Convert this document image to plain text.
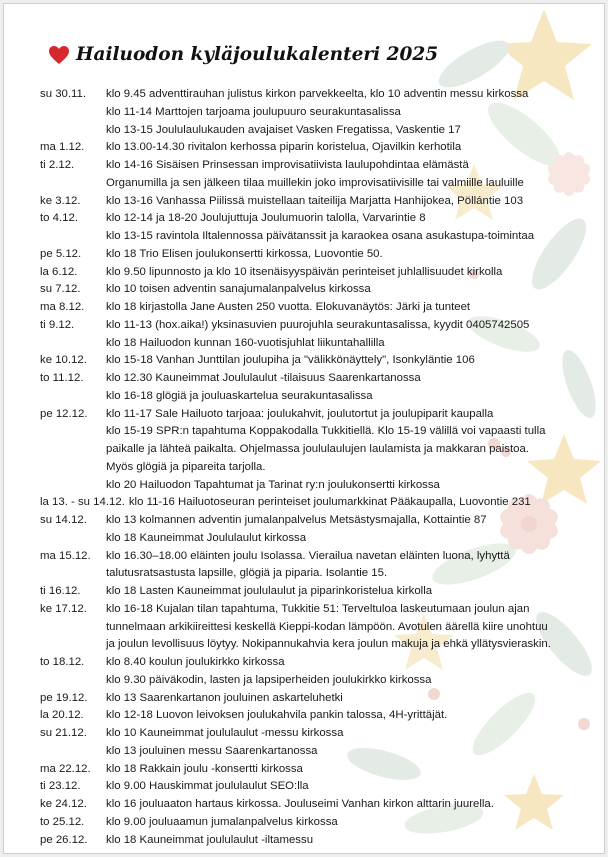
Hailuodon kyläjoulukalenteri 2025
su 30.11.	klo 9.45 adventtirauhan julistus kirkon parvekkeelta, klo 10 adventin messu kirkossa
klo 11-14 Marttojen tarjoama joulupuuro seurakuntasalissa
klo 13-15 Joululaulukauden avajaiset Vasken Fregatissa, Vaskentie 17
ma 1.12.	klo 13.00-14.30 rivitalon kerhossa piparin koristelua, Ojavilkin kerhotila
ti 2.12.	klo 14-16 Sisäisen Prinsessan improvisatiivista laulupohdintaa elämästä
Organumilla ja sen jälkeen tilaa muillekin joko improvisatiivisille tai valmiille lauluille
ke 3.12.	klo 13-16 Vanhassa Piilissä muistellaan taiteilija Marjatta Hanhijokea, Pöllántie 103
to 4.12.	klo 12-14 ja 18-20 Joulujuttuja Joulumuorin talolla, Varvarintie 8
klo 13-15 ravintola Iltalennossa päivätanssit ja karaokea osana asukastupa-toimintaa
pe 5.12.	klo 18 Trio Elisen joulukonsertti kirkossa, Luovontie 50.
la 6.12.	klo 9.50 lipunnosto ja klo 10 itsenäisyyspäivän perinteiset juhlallisuudet kirkolla
su 7.12.	klo 10 toisen adventin sanajumalanpalvelus kirkossa
ma 8.12.	klo 18 kirjastolla Jane Austen 250 vuotta. Elokuvanäytös: Järki ja tunteet
ti 9.12.	klo 11-13 (hox.aika!) yksinasuvien puurojuhla seurakuntasalissa, kyydit 0405742505
klo 18 Hailuodon kunnan 160-vuotisjuhlat liikuntahallilla
ke 10.12.	klo 15-18 Vanhan Junttilan joulupiha ja "välikkönäyttely", Isonkyläntie 106
to 11.12.	klo 12.30 Kauneimmat Joululaulut -tilaisuus Saarenkartanossa
klo 16-18 glögiä ja jouluaskartelua seurakuntasalissa
pe 12.12.	klo 11-17 Sale Hailuoto tarjoaa: joulukahvit, joulutortut ja joulupiparit kaupalla
klo 15-19 SPR:n tapahtuma Koppakodalla Tukkitiellä. Klo 15-19 välillä voi vapaasti tulla
paikalle ja lähteä paikalta. Ohjelmassa joululaulujen laulamista ja makkaran paistoa.
Myös glögiä ja pipareita tarjolla.
klo 20 Hailuodon Tapahtumat ja Tarinat ry:n joulukonsertti kirkossa
la 13. - su 14.12. klo 11-16 Hailuotoseuran perinteiset joulumarkkinat Pääkaupalla, Luovontie 231
su 14.12.	klo 13 kolmannen adventin jumalanpalvelus Metsästysmajalla, Kottaintie 87
klo 18 Kauneimmat Joululaulut kirkossa
ma 15.12.	klo 16.30–18.00 eläinten joulu Isolassa. Vierailua navetan eläinten luona, lyhyttä
talutusratsastusta lapsille, glögiä ja piparia. Isolantie 15.
ti 16.12.	klo 18 Lasten Kauneimmat joululaulut ja piparinkoristelua kirkolla
ke 17.12.	klo 16-18 Kujalan tilan tapahtuma, Tukkitie 51: Terveltuloa laskeutumaan joulun ajan
tunnelmaan arkikiireittesi keskellä Kieppi-kodan lämpöön. Avotulen äärellä kiire unohtuu
ja joulun levollisuus löytyy. Nokipannukahvia kera joulun makuja ja ehkä yllätysvieraskin.
to 18.12.	klo 8.40 koulun joulukirkko kirkossa
klo 9.30 päiväkodin, lasten ja lapsiperheiden joulukirkko kirkossa
pe 19.12.	klo 13 Saarenkartanon jouluinen askarteluhetki
la 20.12.	klo 12-18 Luovon leivoksen joulukahvila pankin talossa, 4H-yrittäjät.
su 21.12.	klo 10 Kauneimmat joululaulut -messu kirkossa
klo 13 jouluinen messu Saarenkartanossa
ma 22.12.	klo 18 Rakkain joulu -konsertti kirkossa
ti 23.12.	klo 9.00 Hauskimmat joululaulut SEO:lla
ke 24.12.	klo 16 jouluaaton hartaus kirkossa. Jouluseimi Vanhan kirkon alttarin juurella.
to 25.12.	klo 9.00 jouluaamun jumalanpalvelus kirkossa
pe 26.12.	klo 18 Kauneimmat joululaulut -iltamessu
